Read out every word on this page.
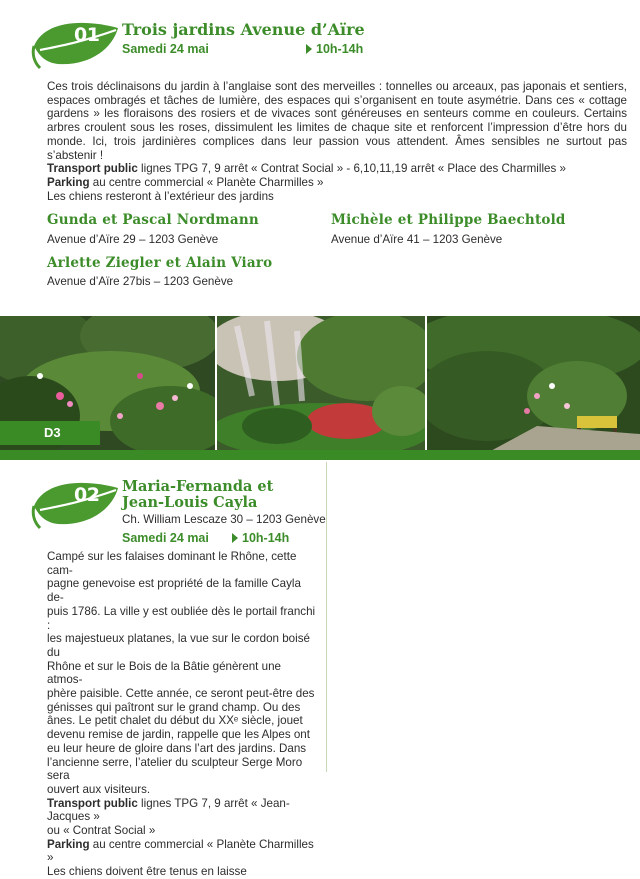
01 Trois jardins Avenue d’Aïre
Samedi 24 mai	10h-14h
Ces trois déclinaisons du jardin à l’anglaise sont des merveilles : tonnelles ou arceaux, pas japonais et sentiers, espaces ombragés et tâches de lumière, des espaces qui s’organisent en toute asymétrie. Dans ces « cottage gardens » les floraisons des rosiers et de vivaces sont généreuses en senteurs comme en couleurs. Certains arbres croulent sous les roses, dissimulent les limites de chaque site et renforcent l’impression d’être hors du monde. Ici, trois jardinières complices dans leur passion vous attendent. Âmes sensibles ne surtout pas s’abstenir !
Transport public lignes TPG 7, 9 arrêt « Contrat Social » - 6,10,11,19 arrêt « Place des Charmilles »
Parking au centre commercial « Planète Charmilles »
Les chiens resteront à l’extérieur des jardins
Gunda et Pascal Nordmann
Avenue d’Aïre 29 – 1203 Genève
Michèle et Philippe Baechtold
Avenue d’Aïre 41 – 1203 Genève
Arlette Ziegler et Alain Viaro
Avenue d’Aïre 27bis – 1203 Genève
D3
02 Maria-Fernanda et
Jean-Louis Cayla
Ch. William Lescaze 30 – 1203 Genève
Samedi 24 mai	10h-14h
Campé sur les falaises dominant le Rhône, cette cam-
pagne genevoise est propriété de la famille Cayla de-
puis 1786. La ville y est oubliée dès le portail franchi :
les majestueux platanes, la vue sur le cordon boisé du
Rhône et sur le Bois de la Bâtie génèrent une atmos-
phère paisible. Cette année, ce seront peut-être des
génisses qui paîtront sur le grand champ. Ou des
ânes. Le petit chalet du début du XXᵉ siècle, jouet
devenu remise de jardin, rappelle que les Alpes ont
eu leur heure de gloire dans l’art des jardins. Dans
l’ancienne serre, l’atelier du sculpteur Serge Moro sera
ouvert aux visiteurs.
Transport public lignes TPG 7, 9 arrêt « Jean-Jacques »
ou « Contrat Social »
Parking au centre commercial « Planète Charmilles »
Les chiens doivent être tenus en laisse
